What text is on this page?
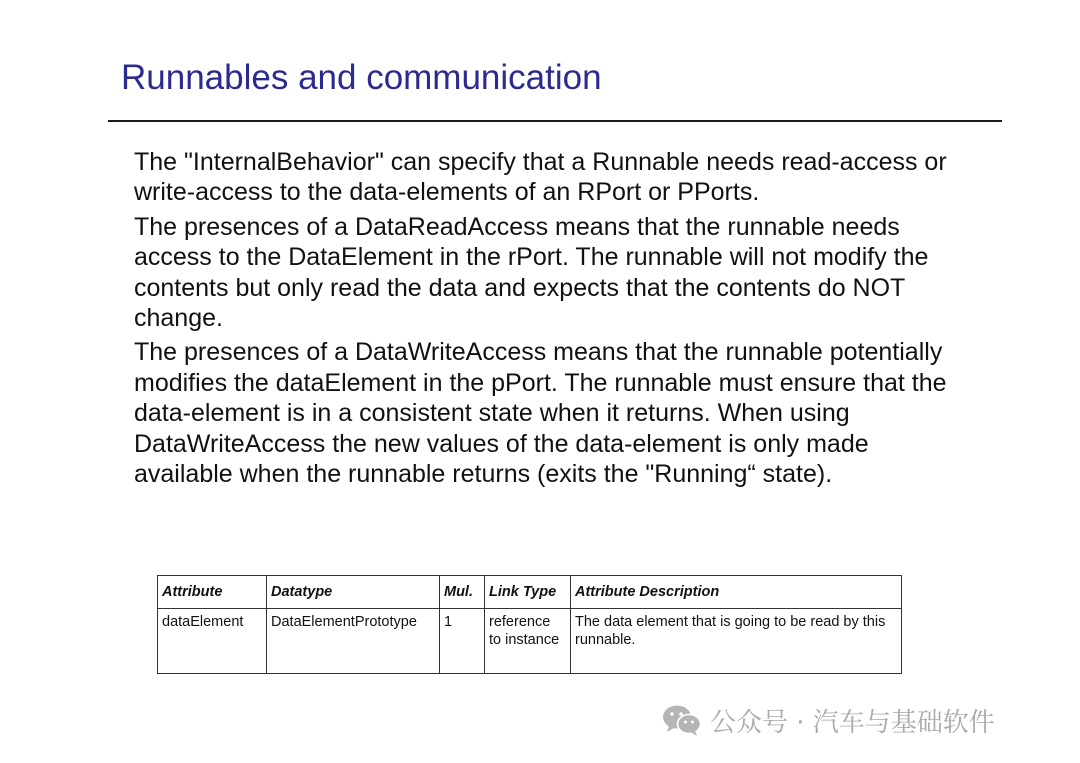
Runnables and communication

The "InternalBehavior" can specify that a Runnable needs read-access or write-access to the data-elements of an RPort or PPorts.

The presences of a DataReadAccess means that the runnable needs access to the DataElement in the rPort. The runnable will not modify the contents but only read the data and expects that the contents do NOT change.

The presences of a DataWriteAccess means that the runnable potentially modifies the dataElement in the pPort. The runnable must ensure that the data-element is in a consistent state when it returns. When using DataWriteAccess the new values of the data-element is only made available when the runnable returns (exits the "Running“ state).

Attribute	Datatype	Mul.	Link Type	Attribute Description
dataElement	DataElementPrototype	1	reference to instance	The data element that is going to be read by this runnable.
公众号 · 汽车与基础软件
